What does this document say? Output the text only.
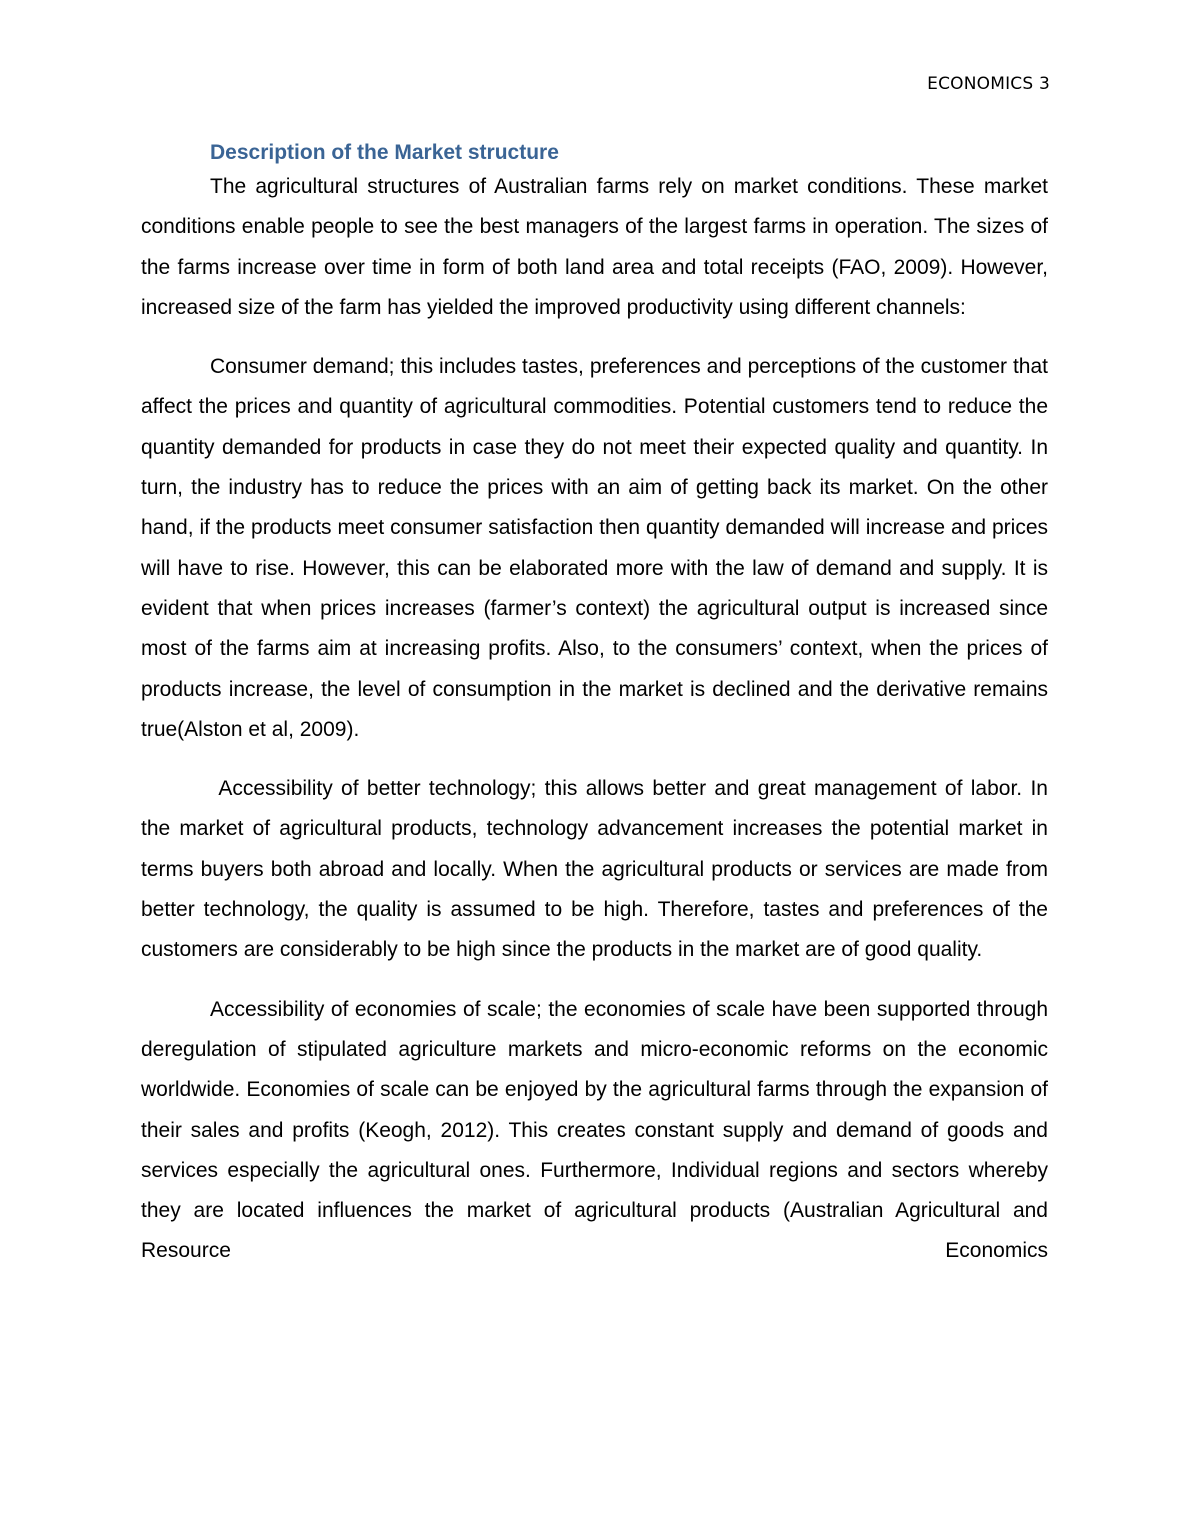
ECONOMICS 3
Description of the Market structure

The agricultural structures of Australian farms rely on market conditions. These market conditions enable people to see the best managers of the largest farms in operation. The sizes of the farms increase over time in form of both land area and total receipts (FAO, 2009). However, increased size of the farm has yielded the improved productivity using different channels:

Consumer demand; this includes tastes, preferences and perceptions of the customer that affect the prices and quantity of agricultural commodities. Potential customers tend to reduce the quantity demanded for products in case they do not meet their expected quality and quantity. In turn, the industry has to reduce the prices with an aim of getting back its market. On the other hand, if the products meet consumer satisfaction then quantity demanded will increase and prices will have to rise. However, this can be elaborated more with the law of demand and supply. It is evident that when prices increases (farmer’s context) the agricultural output is increased since most of the farms aim at increasing profits. Also, to the consumers’ context, when the prices of products increase, the level of consumption in the market is declined and the derivative remains true(Alston et al, 2009).

Accessibility of better technology; this allows better and great management of labor. In the market of agricultural products, technology advancement increases the potential market in terms buyers both abroad and locally. When the agricultural products or services are made from better technology, the quality is assumed to be high. Therefore, tastes and preferences of the customers are considerably to be high since the products in the market are of good quality.

Accessibility of economies of scale; the economies of scale have been supported through deregulation of stipulated agriculture markets and micro-economic reforms on the economic worldwide. Economies of scale can be enjoyed by the agricultural farms through the expansion of their sales and profits (Keogh, 2012). This creates constant supply and demand of goods and services especially the agricultural ones. Furthermore, Individual regions and sectors whereby they are located influences the market of agricultural products (Australian Agricultural and Resource Economics
